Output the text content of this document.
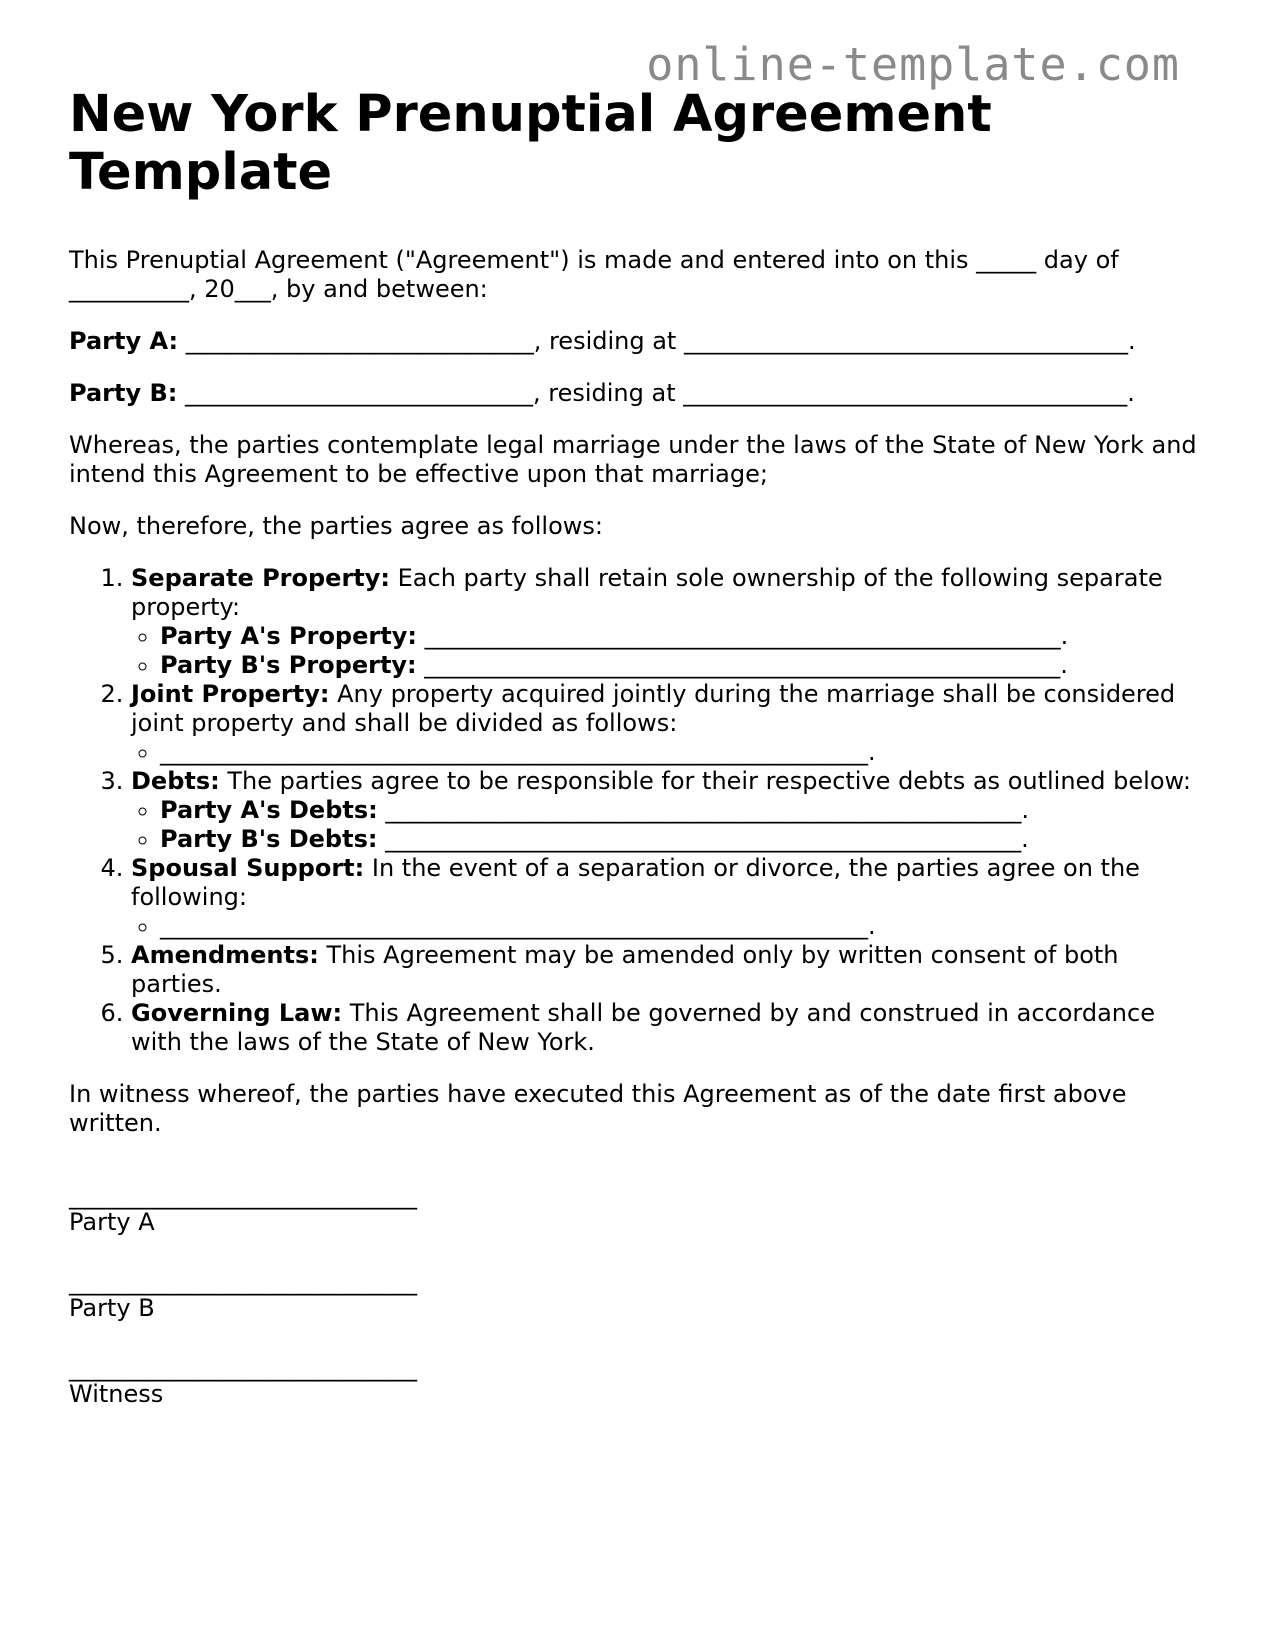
online-template.com
New York Prenuptial Agreement Template

This Prenuptial Agreement ("Agreement") is made and entered into on this _____ day of __________, 20___, by and between:

Party A: _____________________________, residing at _____________________________________.

Party B: _____________________________, residing at _____________________________________.

Whereas, the parties contemplate legal marriage under the laws of the State of New York and intend this Agreement to be effective upon that marriage;

Now, therefore, the parties agree as follows:

1. Separate Property: Each party shall retain sole ownership of the following separate property:
◦ Party A's Property: _____________________________________________________.
◦ Party B's Property: _____________________________________________________.
2. Joint Property: Any property acquired jointly during the marriage shall be considered joint property and shall be divided as follows:
◦ ___________________________________________________________.
3. Debts: The parties agree to be responsible for their respective debts as outlined below:
◦ Party A's Debts: _____________________________________________________.
◦ Party B's Debts: _____________________________________________________.
4. Spousal Support: In the event of a separation or divorce, the parties agree on the following:
◦ ___________________________________________________________.
5. Amendments: This Agreement may be amended only by written consent of both parties.
6. Governing Law: This Agreement shall be governed by and construed in accordance with the laws of the State of New York.

In witness whereof, the parties have executed this Agreement as of the date first above written.

_____________________________
Party A
_____________________________
Party B
_____________________________
Witness
